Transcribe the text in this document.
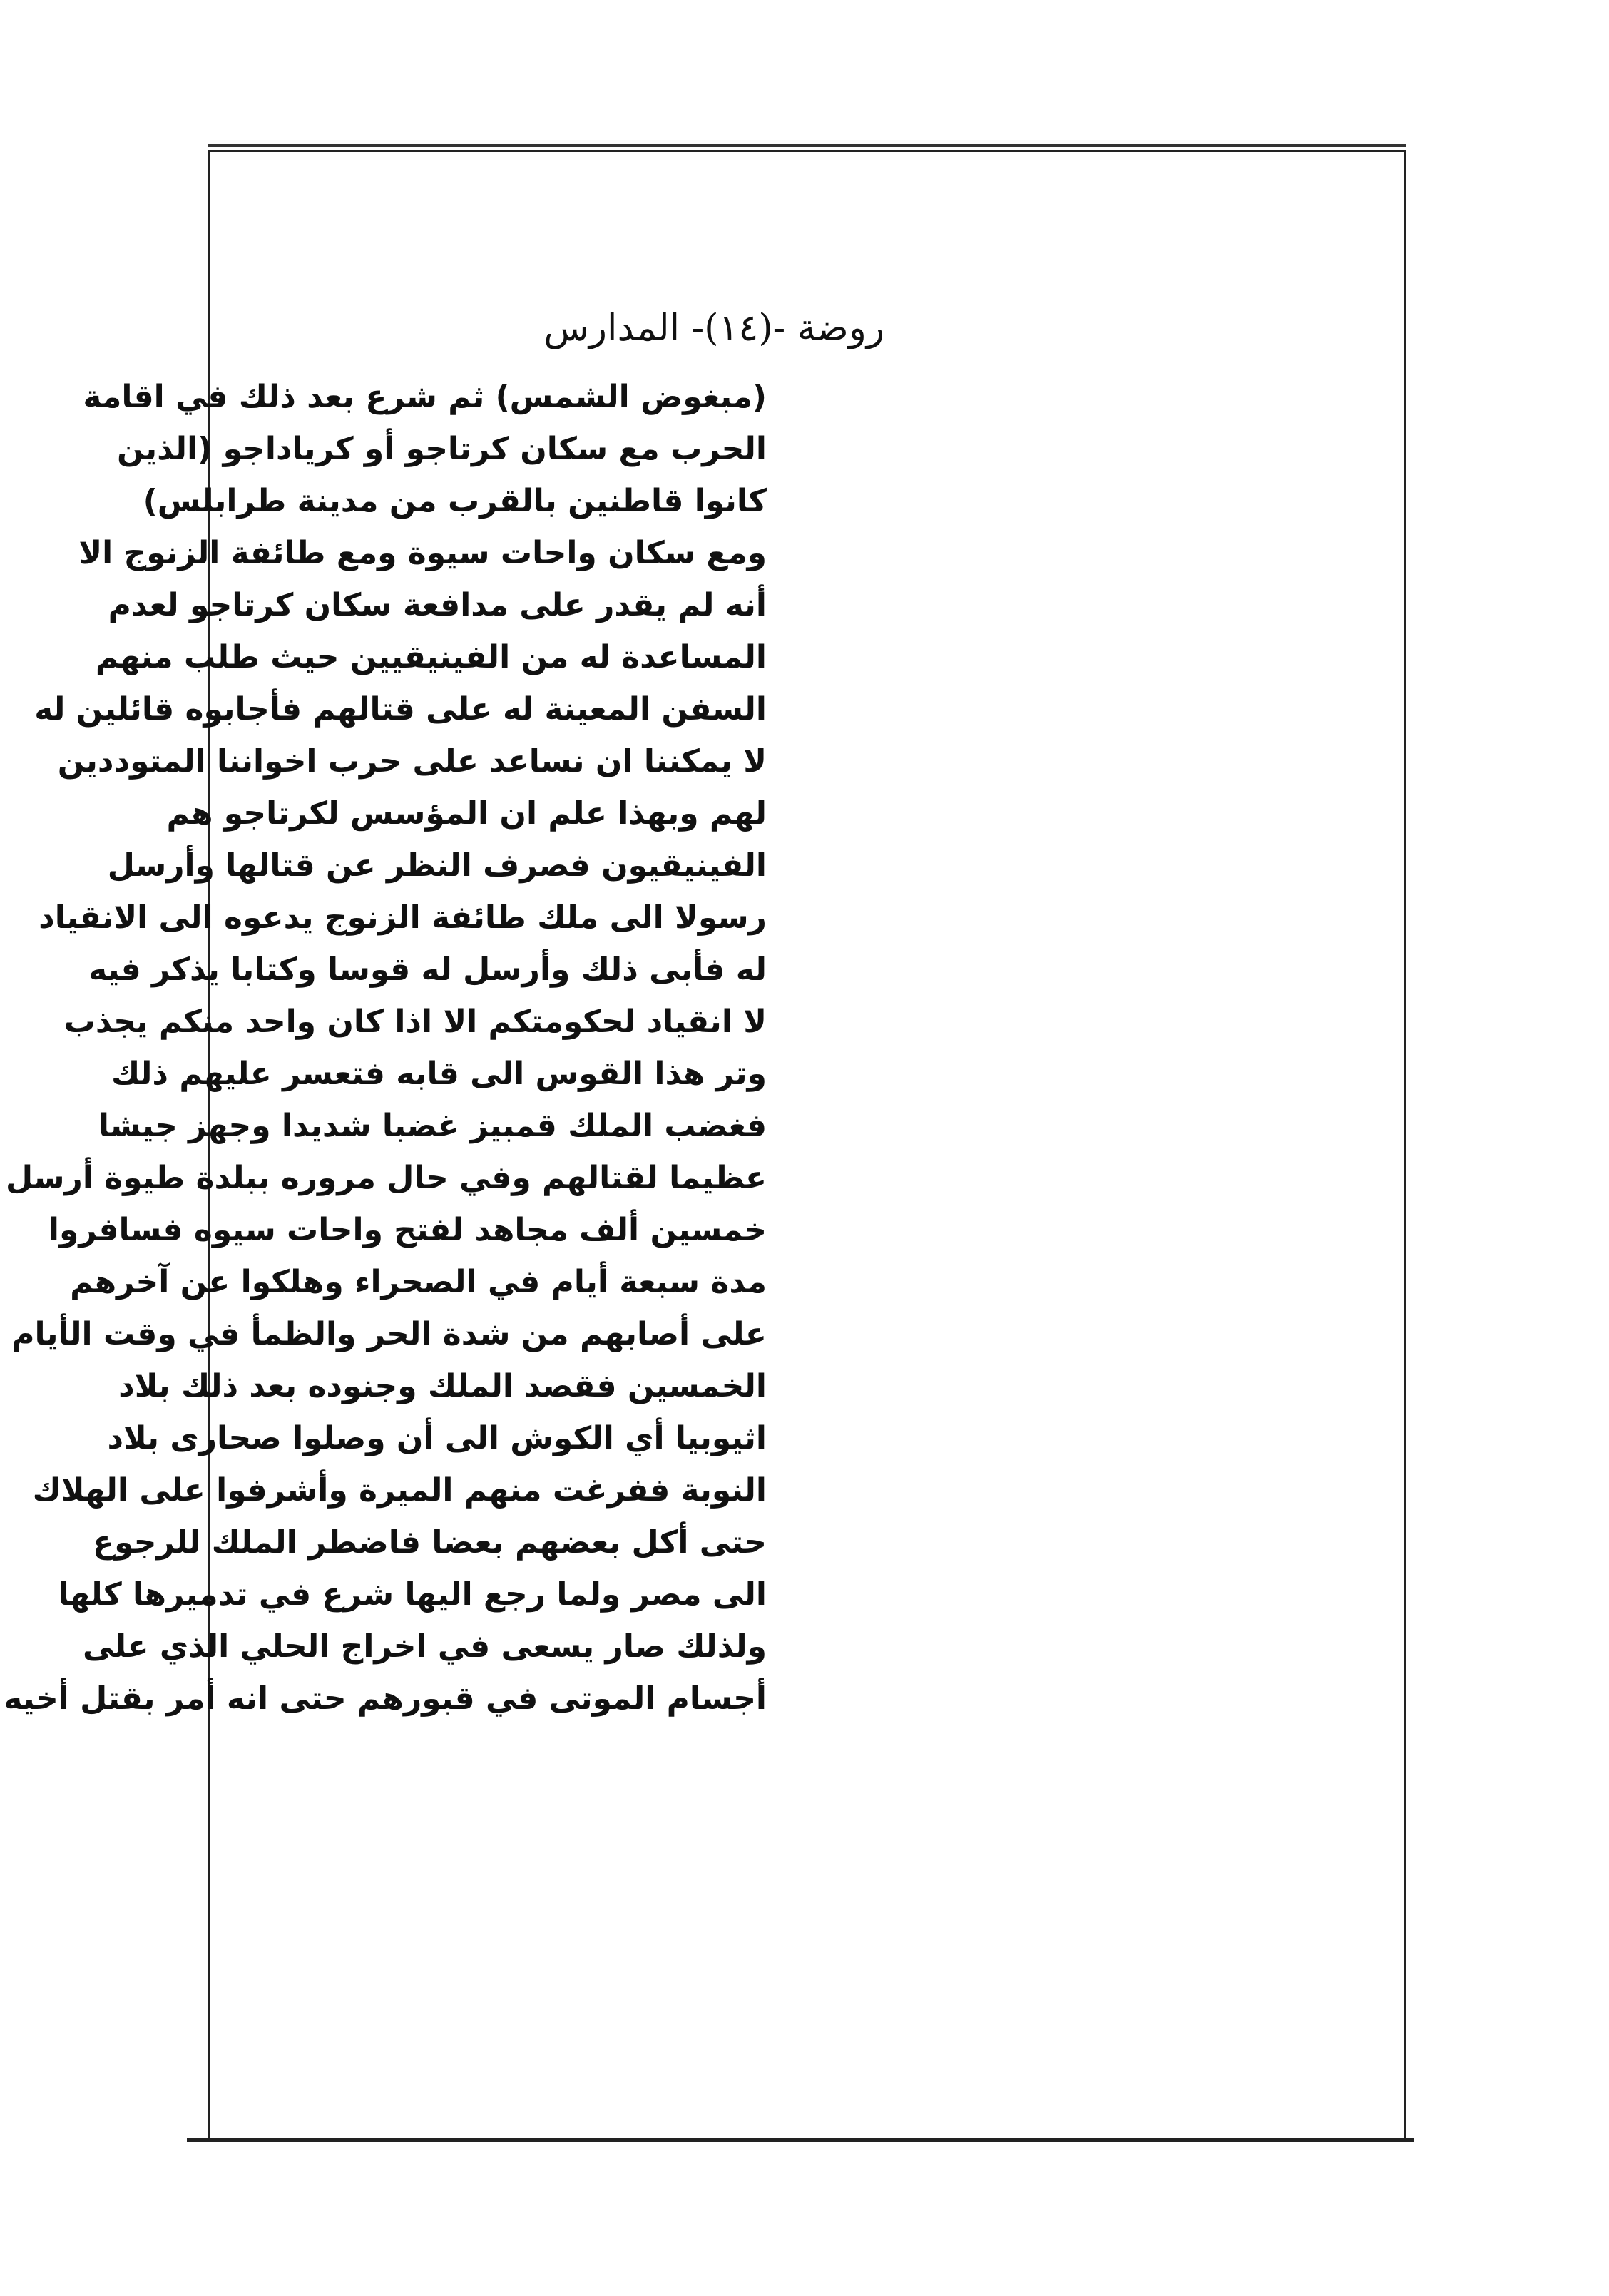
روضة -(١٤)- المدارس
(مبغوض الشمس) ثم شرع بعد ذلك في اقامة
الحرب مع سكان كرتاجو أو كرياداجو (الذين
كانوا قاطنين بالقرب من مدينة طرابلس)
ومع سكان واحات سيوة ومع طائفة الزنوج الا
أنه لم يقدر على مدافعة سكان كرتاجو لعدم
المساعدة له من الفينيقيين حيث طلب منهم
السفن المعينة له على قتالهم فأجابوه قائلين له
لا يمكننا ان نساعد على حرب اخواننا المتوددين
لهم وبهذا علم ان المؤسس لكرتاجو هم
الفينيقيون فصرف النظر عن قتالها وأرسل
رسولا الى ملك طائفة الزنوج يدعوه الى الانقياد
له فأبى ذلك وأرسل له قوسا وكتابا يذكر فيه
لا انقياد لحكومتكم الا اذا كان واحد منكم يجذب
وتر هذا القوس الى قابه فتعسر عليهم ذلك
فغضب الملك قمبيز غضبا شديدا وجهز جيشا
عظيما لقتالهم وفي حال مروره ببلدة طيوة أرسل
خمسين ألف مجاهد لفتح واحات سيوه فسافروا
مدة سبعة أيام في الصحراء وهلكوا عن آخرهم
على أصابهم من شدة الحر والظمأ في وقت الأيام
الخمسين فقصد الملك وجنوده بعد ذلك بلاد
اثيوبيا أي الكوش الى أن وصلوا صحارى بلاد
النوبة ففرغت منهم الميرة وأشرفوا على الهلاك
حتى أكل بعضهم بعضا فاضطر الملك للرجوع
الى مصر ولما رجع اليها شرع في تدميرها كلها
ولذلك صار يسعى في اخراج الحلي الذي على
أجسام الموتى في قبورهم حتى انه أمر بقتل أخيه
